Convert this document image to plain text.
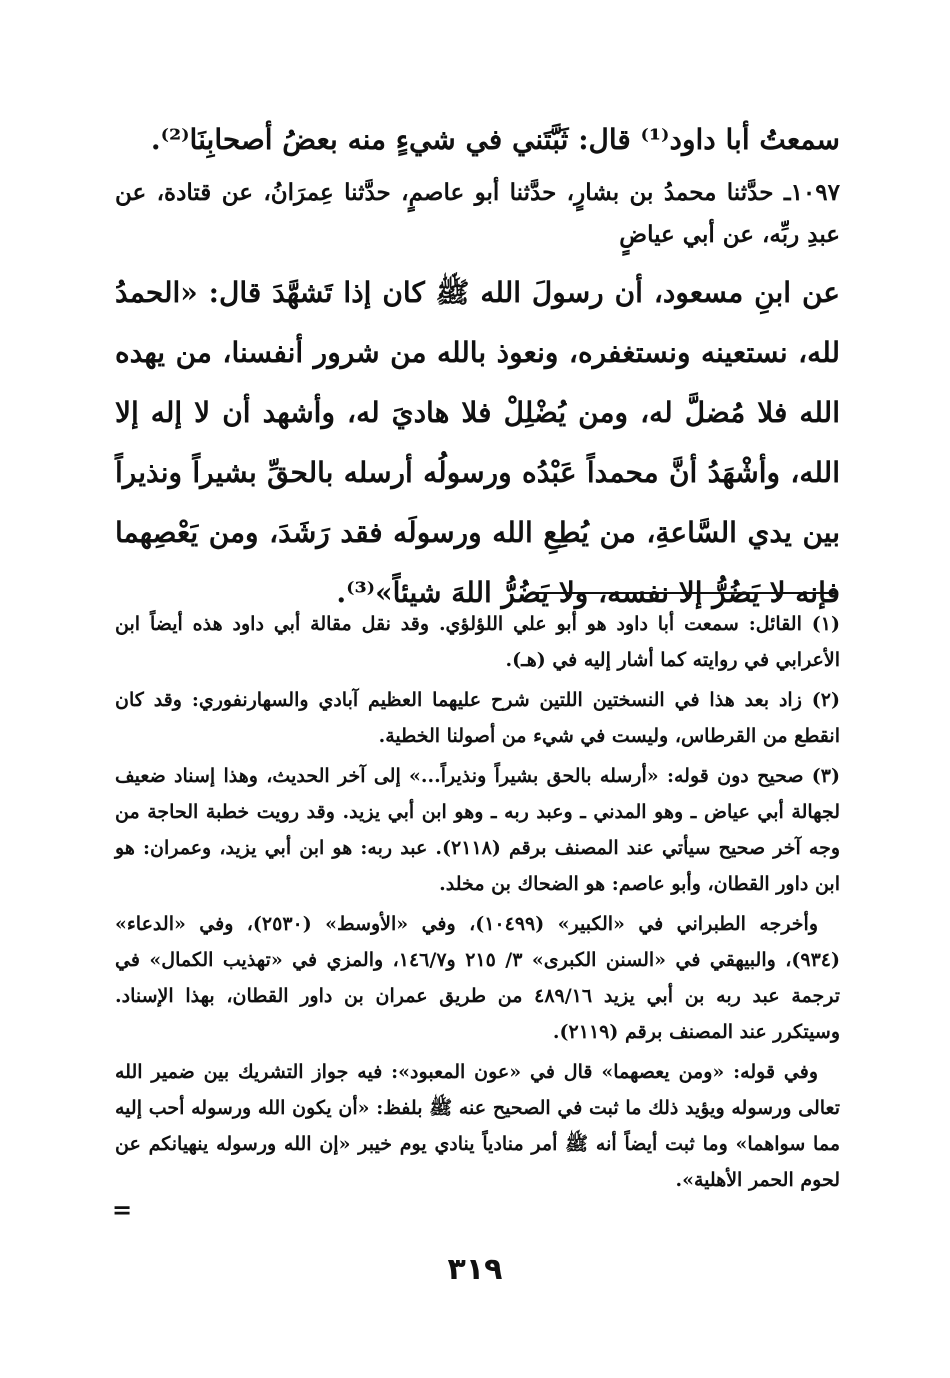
سمعتُ أبا داود⁽¹⁾ قال: ثَبَّتَني في شيءٍ منه بعضُ أصحابِنَا⁽²⁾.

١٠٩٧ـ حدَّثنا محمدُ بن بشارٍ، حدَّثنا أبو عاصمٍ، حدَّثنا عِمرَانُ، عن قتادة، عن عبدِ ربِّه، عن أبي عياضٍ

عن ابنِ مسعود، أن رسولَ الله ﷺ كان إذا تَشهَّدَ قال: «الحمدُ لله، نستعينه ونستغفره، ونعوذ بالله من شرور أنفسنا، من يهده الله فلا مُضلَّ له، ومن يُضْلِلْ فلا هاديَ له، وأشهد أن لا إله إلا الله، وأشْهَدُ أنَّ محمداً عَبْدُه ورسولُه أرسله بالحقِّ بشيراً ونذيراً بين يدي السَّاعةِ، من يُطِعِ الله ورسولَه فقد رَشَدَ، ومن يَعْصِهما فإنه لا يَضُرُّ إلا نفسه، ولا يَضُرُّ اللهَ شيئاً»⁽³⁾.

(١) القائل: سمعت أبا داود هو أبو علي اللؤلؤي. وقد نقل مقالة أبي داود هذه أيضاً ابن الأعرابي في روايته كما أشار إليه في (هـ).

(٢) زاد بعد هذا في النسختين اللتين شرح عليهما العظيم آبادي والسهارنفوري: وقد كان انقطع من القرطاس، وليست في شيء من أصولنا الخطية.

(٣) صحيح دون قوله: «أرسله بالحق بشيراً ونذيراً...» إلى آخر الحديث، وهذا إسناد ضعيف لجهالة أبي عياض ـ وهو المدني ـ وعبد ربه ـ وهو ابن أبي يزيد. وقد رويت خطبة الحاجة من وجه آخر صحيح سيأتي عند المصنف برقم (٢١١٨). عبد ربه: هو ابن أبي يزيد، وعمران: هو ابن داور القطان، وأبو عاصم: هو الضحاك بن مخلد.

وأخرجه الطبراني في «الكبير» (١٠٤٩٩)، وفي «الأوسط» (٢٥٣٠)، وفي «الدعاء» (٩٣٤)، والبيهقي في «السنن الكبرى» ٣/ ٢١٥ و١٤٦/٧، والمزي في «تهذيب الكمال» في ترجمة عبد ربه بن أبي يزيد ٤٨٩/١٦ من طريق عمران بن داور القطان، بهذا الإسناد. وسيتكرر عند المصنف برقم (٢١١٩).

وفي قوله: «ومن يعصهما» قال في «عون المعبود»: فيه جواز التشريك بين ضمير الله تعالى ورسوله ويؤيد ذلك ما ثبت في الصحيح عنه ﷺ بلفظ: «أن يكون الله ورسوله أحب إليه مما سواهما» وما ثبت أيضاً أنه ﷺ أمر منادياً ينادي يوم خيبر «إن الله ورسوله ينهيانكم عن لحوم الحمر الأهلية».

=
٣١٩
